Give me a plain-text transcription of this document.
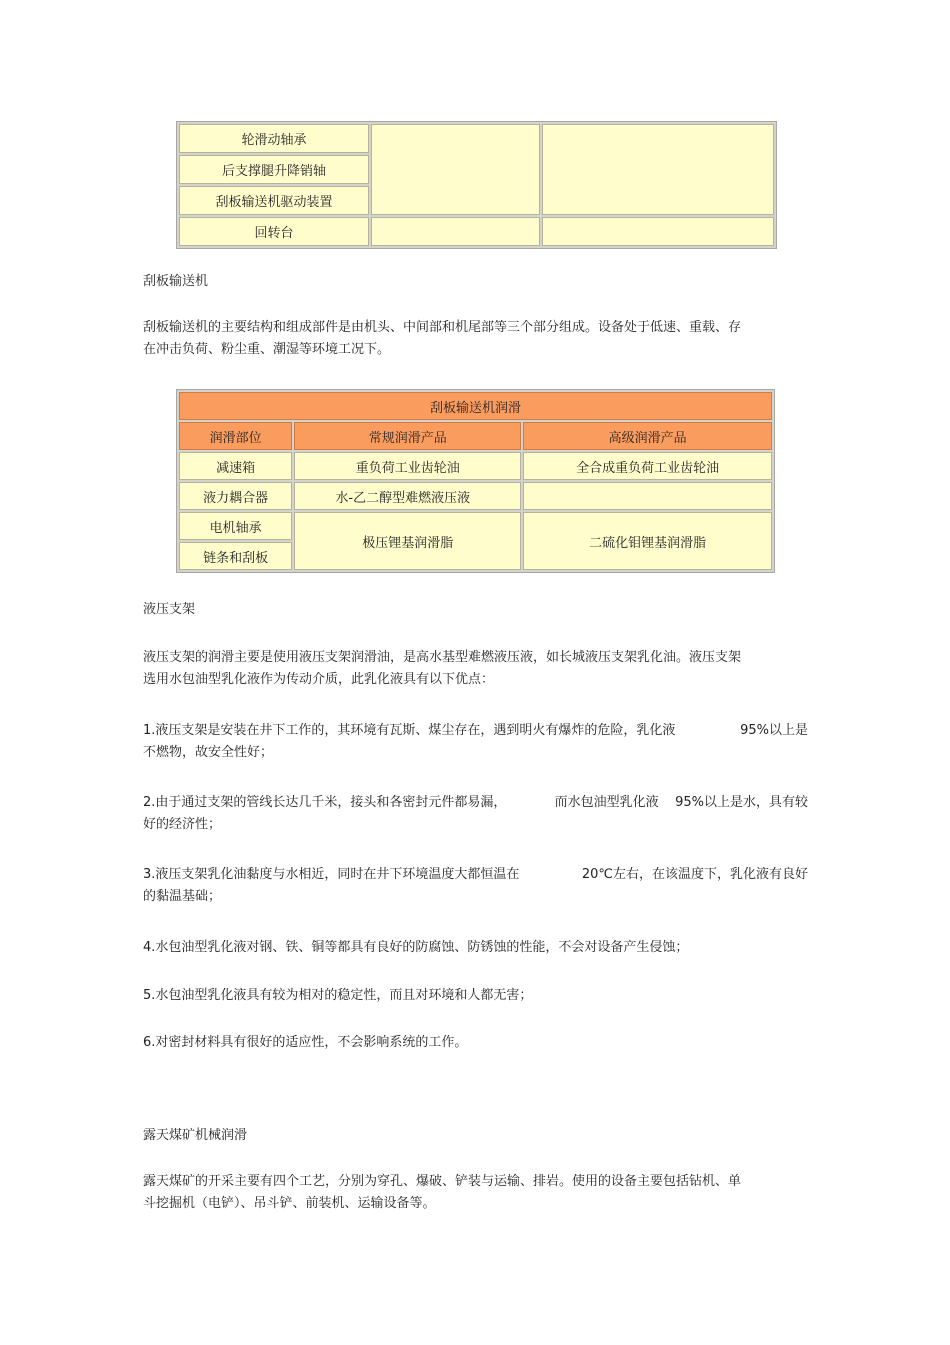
轮滑动轴承		
后支撑腿升降销轴		
刮板输送机驱动装置		
回转台		
刮板输送机
刮板输送机的主要结构和组成部件是由机头、中间部和机尾部等三个部分组成。设备处于低速、重载、存
在冲击负荷、粉尘重、潮湿等环境工况下。
刮板输送机润滑		
润滑部位	常规润滑产品	高级润滑产品
减速箱	重负荷工业齿轮油	全合成重负荷工业齿轮油
液力耦合器	水-乙二醇型难燃液压液	
电机轴承	极压锂基润滑脂	二硫化钼锂基润滑脂
链条和刮板		
液压支架
液压支架的润滑主要是使用液压支架润滑油，是高水基型难燃液压液，如长城液压支架乳化油。液压支架
选用水包油型乳化液作为传动介质，此乳化液具有以下优点：
1.液压支架是安装在井下工作的，其环境有瓦斯、煤尘存在，遇到明火有爆炸的危险，乳化液	95%以上是
不燃物，故安全性好；
2.由于通过支架的管线长达几千米，接头和各密封元件都易漏，	而水包油型乳化液    95%以上是水，具有较
好的经济性；
3.液压支架乳化油黏度与水相近，同时在井下环境温度大都恒温在	20℃左右，在该温度下，乳化液有良好
的黏温基础；
4.水包油型乳化液对钢、铁、铜等都具有良好的防腐蚀、防锈蚀的性能，不会对设备产生侵蚀；
5.水包油型乳化液具有较为相对的稳定性，而且对环境和人都无害；
6.对密封材料具有很好的适应性，不会影响系统的工作。
露天煤矿机械润滑
露天煤矿的开采主要有四个工艺，分别为穿孔、爆破、铲装与运输、排岩。使用的设备主要包括钻机、单
斗挖掘机（电铲）、吊斗铲、前装机、运输设备等。
